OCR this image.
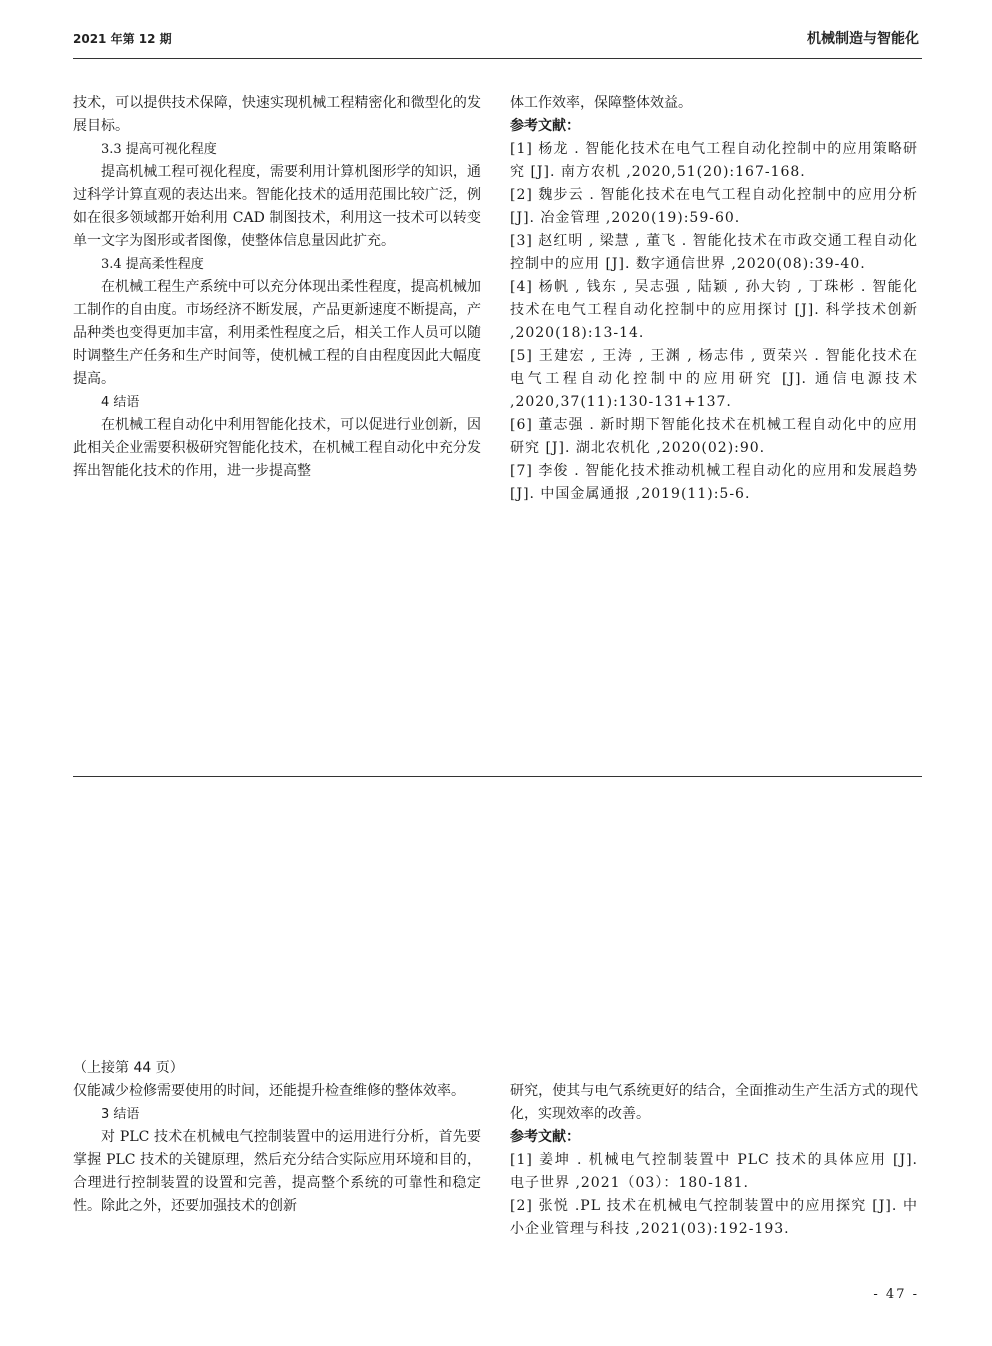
2021 年第 12 期	机械制造与智能化

技术，可以提供技术保障，快速实现机械工程精密化和微型化的发展目标。

3.3 提高可视化程度

提高机械工程可视化程度，需要利用计算机图形学的知识，通过科学计算直观的表达出来。智能化技术的适用范围比较广泛，例如在很多领域都开始利用 CAD 制图技术，利用这一技术可以转变单一文字为图形或者图像，使整体信息量因此扩充。

3.4 提高柔性程度

在机械工程生产系统中可以充分体现出柔性程度，提高机械加工制作的自由度。市场经济不断发展，产品更新速度不断提高，产品种类也变得更加丰富，利用柔性程度之后，相关工作人员可以随时调整生产任务和生产时间等，使机械工程的自由程度因此大幅度提高。

4 结语

在机械工程自动化中利用智能化技术，可以促进行业创新，因此相关企业需要积极研究智能化技术，在机械工程自动化中充分发挥出智能化技术的作用，进一步提高整

体工作效率，保障整体效益。

参考文献：

[1] 杨龙 . 智能化技术在电气工程自动化控制中的应用策略研究 [J]. 南方农机 ,2020,51(20):167-168.

[2] 魏步云 . 智能化技术在电气工程自动化控制中的应用分析 [J]. 冶金管理 ,2020(19):59-60.

[3] 赵红明 , 梁慧 , 董飞 . 智能化技术在市政交通工程自动化控制中的应用 [J]. 数字通信世界 ,2020(08):39-40.

[4] 杨帆 , 钱东 , 吴志强 , 陆颖 , 孙大钧 , 丁珠彬 . 智能化技术在电气工程自动化控制中的应用探讨 [J]. 科学技术创新 ,2020(18):13-14.

[5] 王建宏 , 王涛 , 王渊 , 杨志伟 , 贾荣兴 . 智能化技术在电气工程自动化控制中的应用研究 [J]. 通信电源技术 ,2020,37(11):130-131+137.

[6] 董志强 . 新时期下智能化技术在机械工程自动化中的应用研究 [J]. 湖北农机化 ,2020(02):90.

[7] 李俊 . 智能化技术推动机械工程自动化的应用和发展趋势 [J]. 中国金属通报 ,2019(11):5-6.

（上接第 44 页）

仅能减少检修需要使用的时间，还能提升检查维修的整体效率。

3 结语

对 PLC 技术在机械电气控制装置中的运用进行分析，首先要掌握 PLC 技术的关键原理，然后充分结合实际应用环境和目的，合理进行控制装置的设置和完善，提高整个系统的可靠性和稳定性。除此之外，还要加强技术的创新

研究，使其与电气系统更好的结合，全面推动生产生活方式的现代化，实现效率的改善。

参考文献：

[1] 姜坤 . 机械电气控制装置中 PLC 技术的具体应用 [J]. 电子世界 ,2021（03）：180-181.

[2] 张悦 .PL 技术在机械电气控制装置中的应用探究 [J]. 中小企业管理与科技 ,2021(03):192-193.

- 47 -
